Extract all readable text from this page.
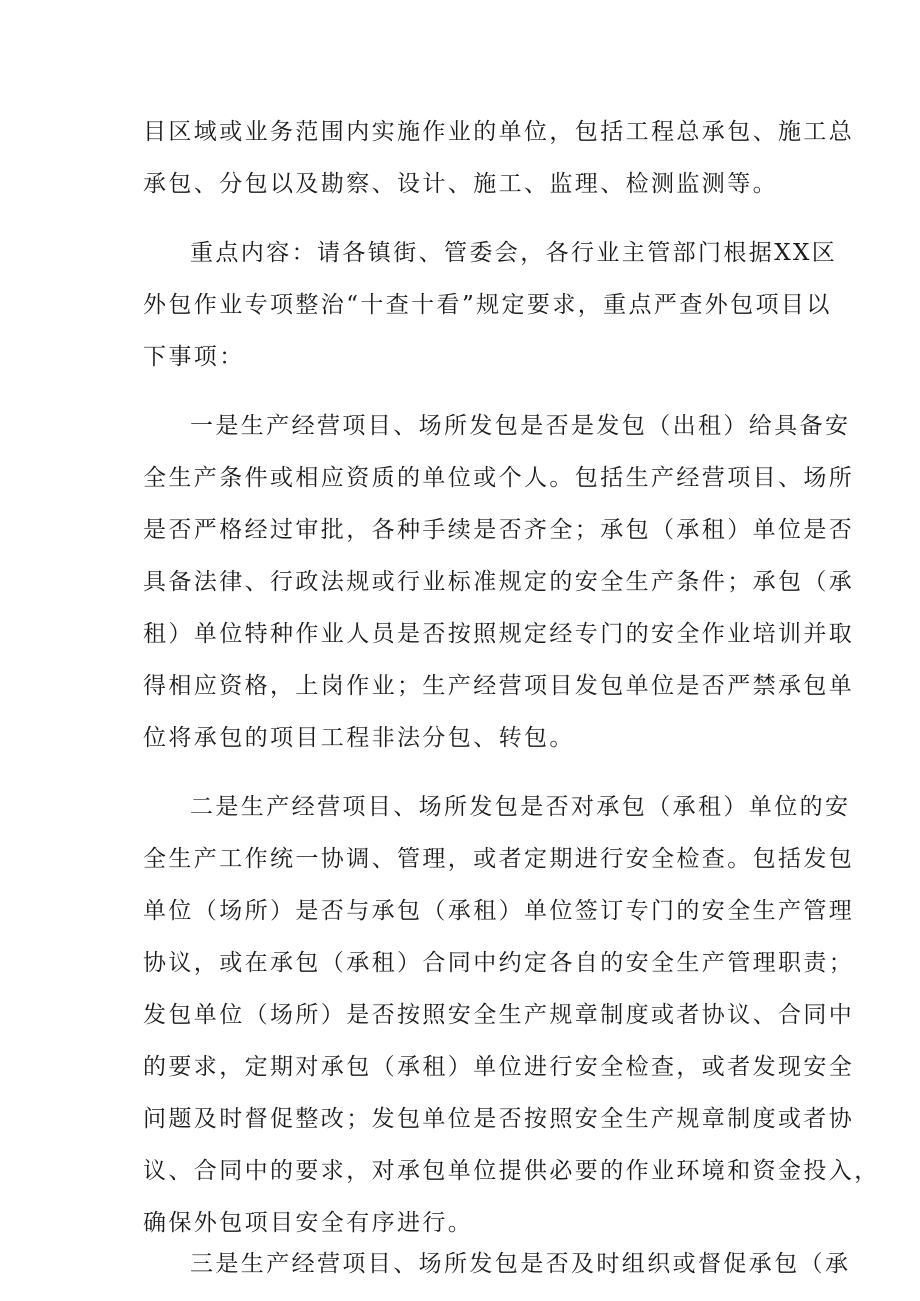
目区域或业务范围内实施作业的单位，包括工程总承包、施工总
承包、分包以及勘察、设计、施工、监理、检测监测等。
重点内容：请各镇街、管委会，各行业主管部门根据XX区
外包作业专项整治“十查十看”规定要求，重点严查外包项目以
下事项：
一是生产经营项目、场所发包是否是发包（出租）给具备安
全生产条件或相应资质的单位或个人。包括生产经营项目、场所
是否严格经过审批，各种手续是否齐全；承包（承租）单位是否
具备法律、行政法规或行业标准规定的安全生产条件；承包（承
租）单位特种作业人员是否按照规定经专门的安全作业培训并取
得相应资格，上岗作业；生产经营项目发包单位是否严禁承包单
位将承包的项目工程非法分包、转包。
二是生产经营项目、场所发包是否对承包（承租）单位的安
全生产工作统一协调、管理，或者定期进行安全检查。包括发包
单位（场所）是否与承包（承租）单位签订专门的安全生产管理
协议，或在承包（承租）合同中约定各自的安全生产管理职责；
发包单位（场所）是否按照安全生产规章制度或者协议、合同中
的要求，定期对承包（承租）单位进行安全检查，或者发现安全
问题及时督促整改；发包单位是否按照安全生产规章制度或者协
议、合同中的要求，对承包单位提供必要的作业环境和资金投入，
确保外包项目安全有序进行。
三是生产经营项目、场所发包是否及时组织或督促承包（承
